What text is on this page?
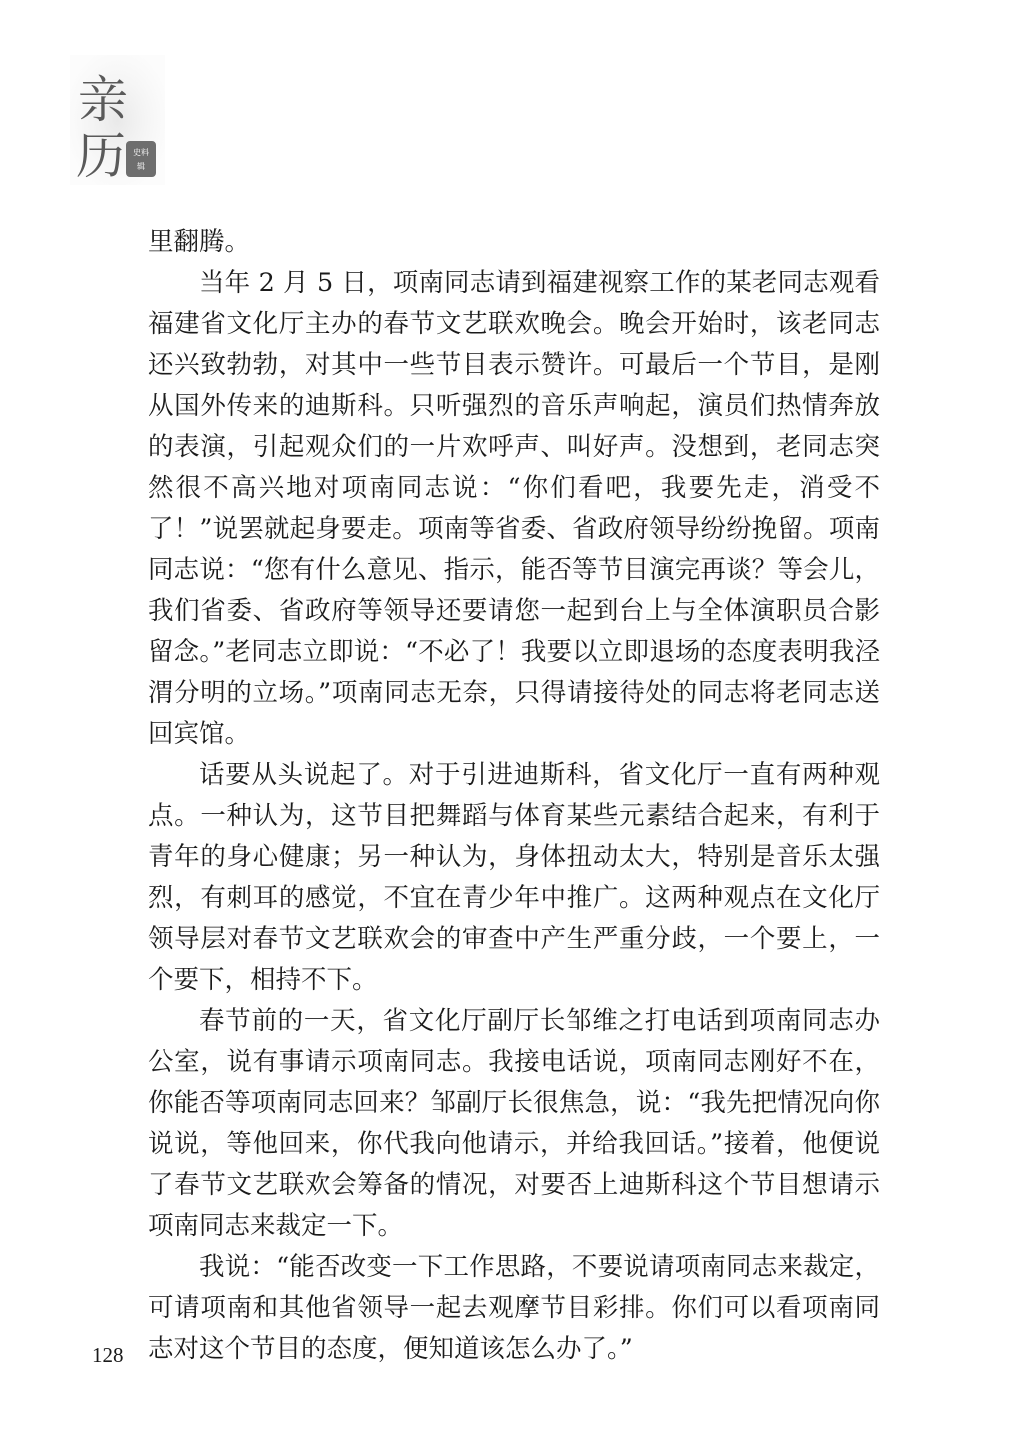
亲
历 史料
辑

里翻腾。

当年 2 月 5 日，项南同志请到福建视察工作的某老同志观看福建省文化厅主办的春节文艺联欢晚会。晚会开始时，该老同志还兴致勃勃，对其中一些节目表示赞许。可最后一个节目，是刚从国外传来的迪斯科。只听强烈的音乐声响起，演员们热情奔放的表演，引起观众们的一片欢呼声、叫好声。没想到，老同志突然很不高兴地对项南同志说：“你们看吧，我要先走，消受不了！”说罢就起身要走。项南等省委、省政府领导纷纷挽留。项南同志说：“您有什么意见、指示，能否等节目演完再谈？等会儿，我们省委、省政府等领导还要请您一起到台上与全体演职员合影留念。”老同志立即说：“不必了！我要以立即退场的态度表明我泾渭分明的立场。”项南同志无奈，只得请接待处的同志将老同志送回宾馆。

话要从头说起了。对于引进迪斯科，省文化厅一直有两种观点。一种认为，这节目把舞蹈与体育某些元素结合起来，有利于青年的身心健康；另一种认为，身体扭动太大，特别是音乐太强烈，有刺耳的感觉，不宜在青少年中推广。这两种观点在文化厅领导层对春节文艺联欢会的审查中产生严重分歧，一个要上，一个要下，相持不下。

春节前的一天，省文化厅副厅长邹维之打电话到项南同志办公室，说有事请示项南同志。我接电话说，项南同志刚好不在，你能否等项南同志回来？邹副厅长很焦急，说：“我先把情况向你说说，等他回来，你代我向他请示，并给我回话。”接着，他便说了春节文艺联欢会筹备的情况，对要否上迪斯科这个节目想请示项南同志来裁定一下。

我说：“能否改变一下工作思路，不要说请项南同志来裁定，可请项南和其他省领导一起去观摩节目彩排。你们可以看项南同志对这个节目的态度，便知道该怎么办了。”

128
